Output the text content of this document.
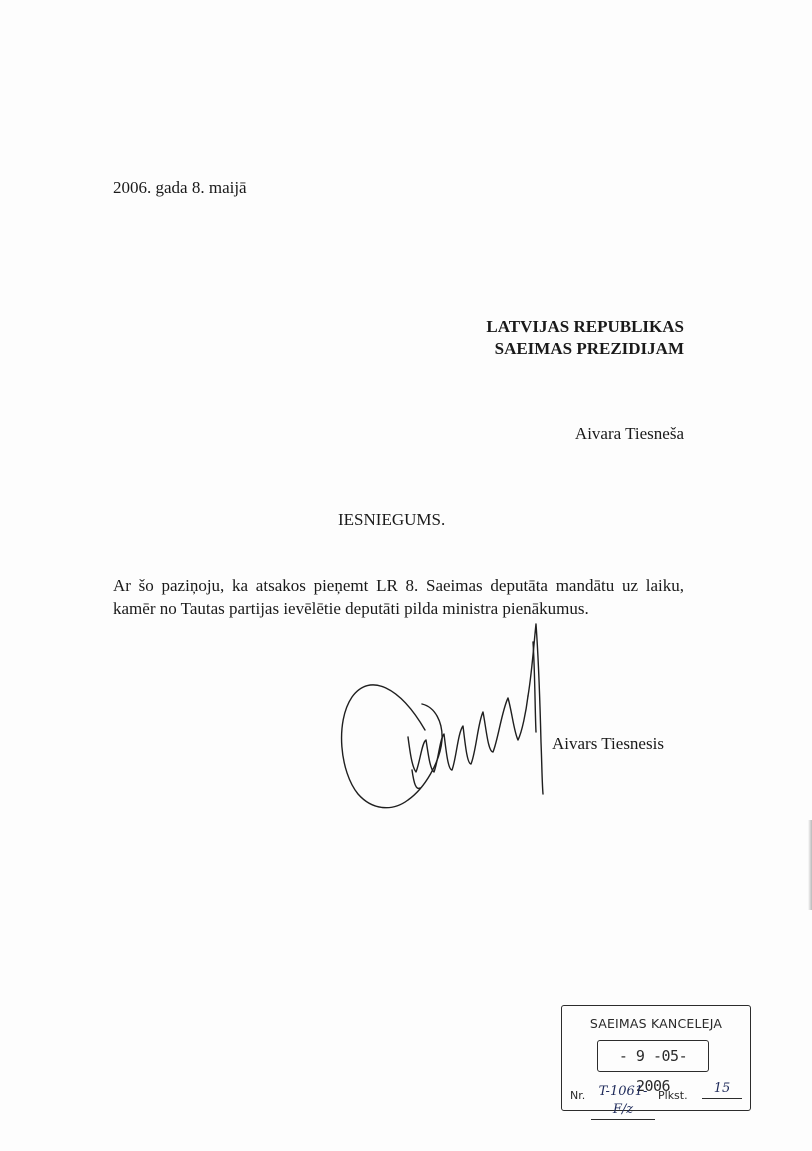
2006. gada 8. maijā
LATVIJAS REPUBLIKAS
SAEIMAS PREZIDIJAM
Aivara Tiesneša
IESNIEGUMS.
Ar šo paziņoju, ka atsakos pieņemt LR 8. Saeimas deputāta mandātu uz laiku, kamēr no Tautas partijas ievēlētie deputāti pilda ministra pienākumus.
Aivars Tiesnesis
SAEIMAS KANCELEJA
- 9 -05- 2006
Nr.	T-1061-F/z
Plkst.	15
